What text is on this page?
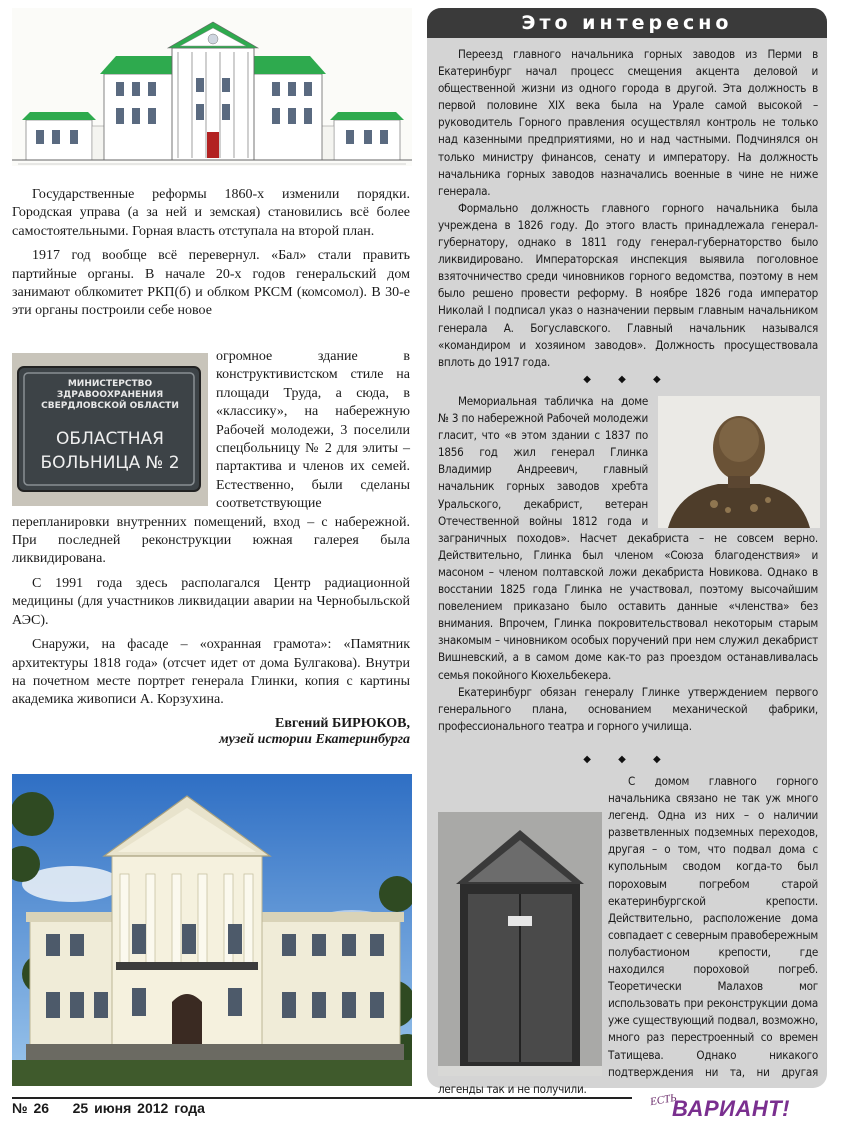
Государственные реформы 1860-х изменили порядки. Городская управа (а за ней и земская) становились всё более самостоятельными. Горная власть отступала на второй план.

1917 год вообще всё перевернул. «Бал» стали править партийные органы. В начале 20-х годов генеральский дом занимают облкомитет РКП(б) и облком РКСМ (комсомол). В 30-е эти органы построили себе новое

огромное здание в конструктивистском стиле на площади Труда, а сюда, в «классику», на набережную Рабочей молодежи, 3 поселили спецбольницу № 2 для элиты – партактива и членов их семей. Естественно, были сделаны соответствующие перепланировки внутренних помещений, вход – с набережной. При последней реконструкции южная галерея была ликвидирована.

С 1991 года здесь располагался Центр радиационной медицины (для участников ликвидации аварии на Чернобыльской АЭС).

Снаружи, на фасаде – «охранная грамота»: «Памятник архитектуры 1818 года» (отсчет идет от дома Булгакова). Внутри на почетном месте портрет генерала Глинки, копия с картины академика живописи А. Корзухина.

Евгений БИРЮКОВ,
музей истории Екатеринбурга
МИНИСТЕРСТВО
ЗДРАВООХРАНЕНИЯ
СВЕРДЛОВСКОЙ ОБЛАСТИ
ОБЛАСТНАЯ
БОЛЬНИЦА № 2
Это интересно

Переезд главного начальника горных заводов из Перми в Екатеринбург начал процесс смещения акцента деловой и общественной жизни из одного города в другой. Эта должность в первой половине XIX века была на Урале самой высокой – руководитель Горного правления осуществлял контроль не только над казенными предприятиями, но и над частными. Подчинялся он только министру финансов, сенату и императору. На должность начальника горных заводов назначались военные в чине не ниже генерала.

Формально должность главного горного начальника была учреждена в 1826 году. До этого власть принадлежала генерал-губернатору, однако в 1811 году генерал-губернаторство было ликвидировано. Императорская инспекция выявила поголовное взяточничество среди чиновников горного ведомства, поэтому в нем было решено провести реформу. В ноябре 1826 года император Николай I подписал указ о назначении первым главным начальником генерала А. Богуславского. Главный начальник назывался «командиром и хозяином заводов». Должность просуществовала вплоть до 1917 года.

◆ ◆ ◆

Мемориальная табличка на доме № 3 по набережной Рабочей молодежи гласит, что «в этом здании с 1837 по 1856 год жил генерал Глинка Владимир Андреевич, главный начальник горных заводов хребта Уральского, декабрист, ветеран Отечественной войны 1812 года и заграничных походов». Насчет декабриста – не совсем верно. Действительно, Глинка был членом «Союза благоденствия» и масоном – членом полтавской ложи декабриста Новикова. Однако в восстании 1825 года Глинка не участвовал, поэтому высочайшим повелением приказано было оставить данные «членства» без внимания. Впрочем, Глинка покровительствовал некоторым старым знакомым – чиновником особых поручений при нем служил декабрист Вишневский, а в самом доме как-то раз проездом останавливалась семья покойного Кюхельбекера.

Екатеринбург обязан генералу Глинке утверждением первого генерального плана, основанием механической фабрики, профессионального театра и горного училища.

◆ ◆ ◆

С домом главного горного начальника связано не так уж много легенд. Одна из них – о наличии разветвленных подземных переходов, другая – о том, что подвал дома с купольным сводом когда-то был пороховым погребом старой екатеринбургской крепости. Действительно, расположение дома совпадает с северным правобережным полубастионом крепости, где находился пороховой погреб. Теоретически Малахов мог использовать при реконструкции дома уже существующий подвал, возможно, много раз перестроенный со времен Татищева. Однако никакого подтверждения ни та, ни другая легенды так и не получили.

№ 26 25 июня 2012 года	ЕСТЬ
ВАРИАНТ!
